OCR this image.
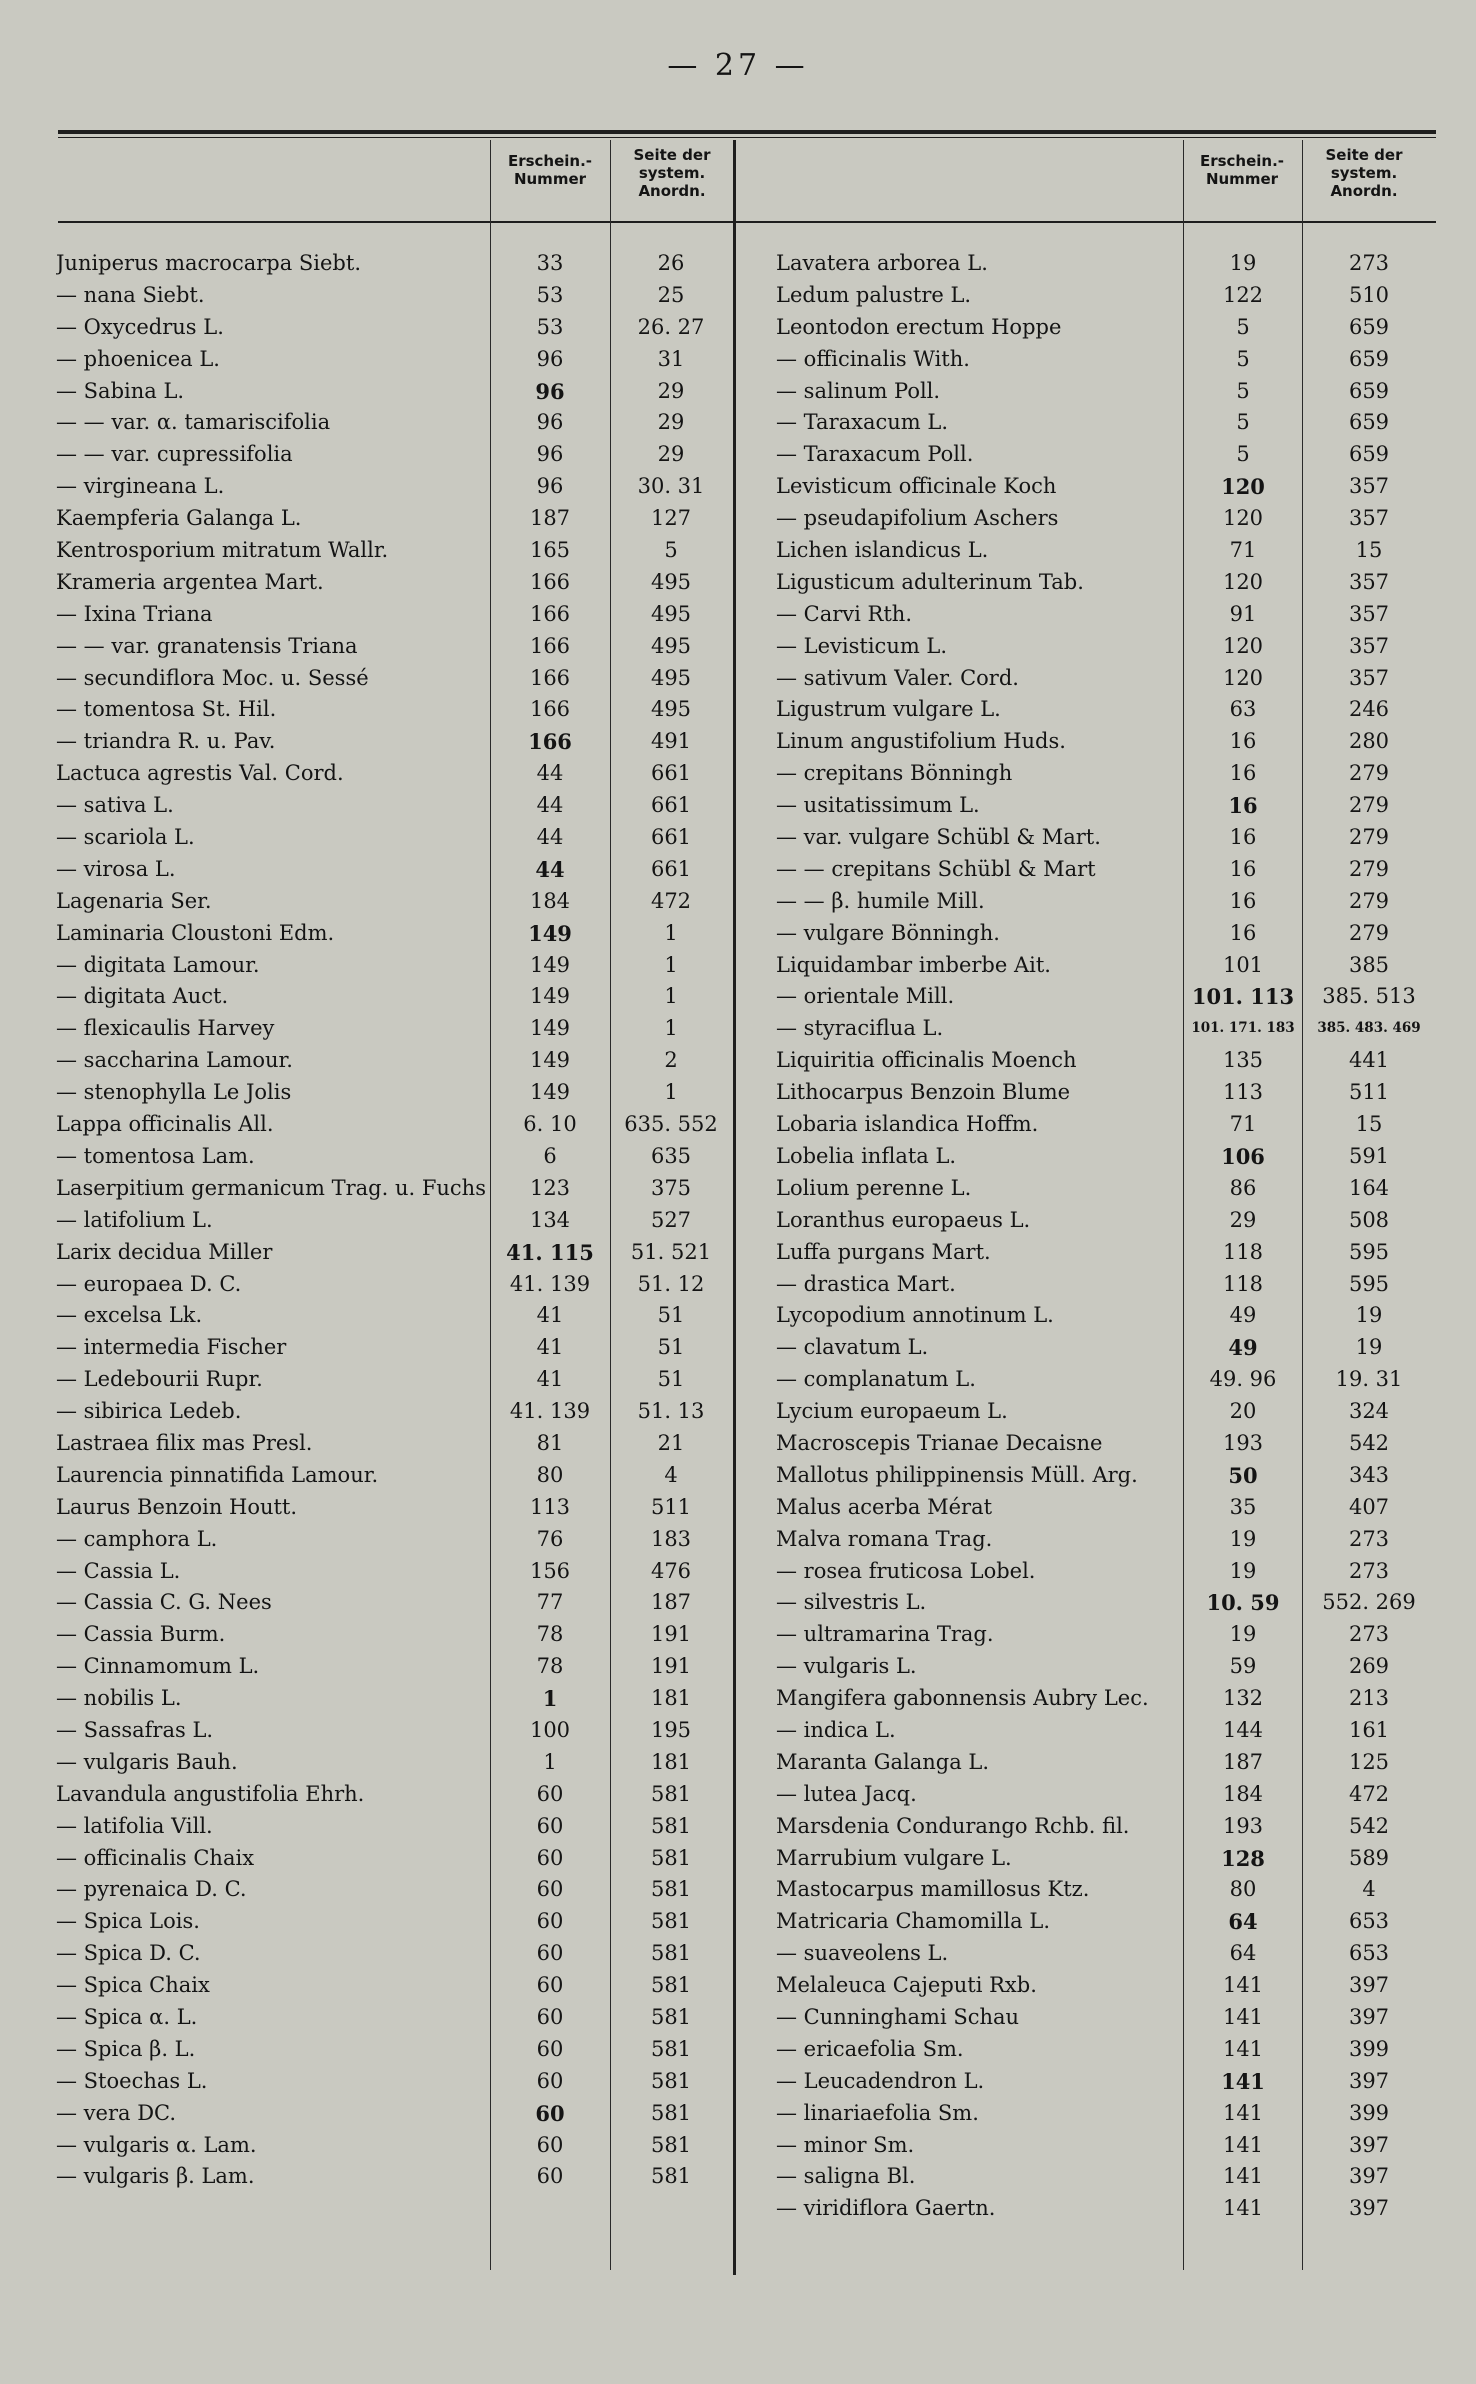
— 27 —
Erschein.-
Nummer
Seite der
system.
Anordn.
Erschein.-
Nummer
Seite der
system.
Anordn.
Juniperus macrocarpa Siebt.	33	26
— nana Siebt.	53	25
— Oxycedrus L.	53	26. 27
— phoenicea L.	96	31
— Sabina L.	96	29
— — var. α. tamariscifolia	96	29
— — var. cupressifolia	96	29
— virgineana L.	96	30. 31
Kaempferia Galanga L.	187	127
Kentrosporium mitratum Wallr.	165	5
Krameria argentea Mart.	166	495
— Ixina Triana	166	495
— — var. granatensis Triana	166	495
— secundiflora Moc. u. Sessé	166	495
— tomentosa St. Hil.	166	495
— triandra R. u. Pav.	166	491
Lactuca agrestis Val. Cord.	44	661
— sativa L.	44	661
— scariola L.	44	661
— virosa L.	44	661
Lagenaria Ser.	184	472
Laminaria Cloustoni Edm.	149	1
— digitata Lamour.	149	1
— digitata Auct.	149	1
— flexicaulis Harvey	149	1
— saccharina Lamour.	149	2
— stenophylla Le Jolis	149	1
Lappa officinalis All.	6. 10	635. 552
— tomentosa Lam.	6	635
Laserpitium germanicum Trag. u. Fuchs	123	375
— latifolium L.	134	527
Larix decidua Miller	41. 115	51. 521
— europaea D. C.	41. 139	51. 12
— excelsa Lk.	41	51
— intermedia Fischer	41	51
— Ledebourii Rupr.	41	51
— sibirica Ledeb.	41. 139	51. 13
Lastraea filix mas Presl.	81	21
Laurencia pinnatifida Lamour.	80	4
Laurus Benzoin Houtt.	113	511
— camphora L.	76	183
— Cassia L.	156	476
— Cassia C. G. Nees	77	187
— Cassia Burm.	78	191
— Cinnamomum L.	78	191
— nobilis L.	1	181
— Sassafras L.	100	195
— vulgaris Bauh.	1	181
Lavandula angustifolia Ehrh.	60	581
— latifolia Vill.	60	581
— officinalis Chaix	60	581
— pyrenaica D. C.	60	581
— Spica Lois.	60	581
— Spica D. C.	60	581
— Spica Chaix	60	581
— Spica α. L.	60	581
— Spica β. L.	60	581
— Stoechas L.	60	581
— vera DC.	60	581
— vulgaris α. Lam.	60	581
— vulgaris β. Lam.	60	581
Lavatera arborea L.	19	273
Ledum palustre L.	122	510
Leontodon erectum Hoppe	5	659
— officinalis With.	5	659
— salinum Poll.	5	659
— Taraxacum L.	5	659
— Taraxacum Poll.	5	659
Levisticum officinale Koch	120	357
— pseudapifolium Aschers	120	357
Lichen islandicus L.	71	15
Ligusticum adulterinum Tab.	120	357
— Carvi Rth.	91	357
— Levisticum L.	120	357
— sativum Valer. Cord.	120	357
Ligustrum vulgare L.	63	246
Linum angustifolium Huds.	16	280
— crepitans Bönningh	16	279
— usitatissimum L.	16	279
— var. vulgare Schübl & Mart.	16	279
— — crepitans Schübl & Mart	16	279
— — β. humile Mill.	16	279
— vulgare Bönningh.	16	279
Liquidambar imberbe Ait.	101	385
— orientale Mill.	101. 113	385. 513
— styraciflua L.	101. 171. 183	385. 483. 469
Liquiritia officinalis Moench	135	441
Lithocarpus Benzoin Blume	113	511
Lobaria islandica Hoffm.	71	15
Lobelia inflata L.	106	591
Lolium perenne L.	86	164
Loranthus europaeus L.	29	508
Luffa purgans Mart.	118	595
— drastica Mart.	118	595
Lycopodium annotinum L.	49	19
— clavatum L.	49	19
— complanatum L.	49. 96	19. 31
Lycium europaeum L.	20	324
Macroscepis Trianae Decaisne	193	542
Mallotus philippinensis Müll. Arg.	50	343
Malus acerba Mérat	35	407
Malva romana Trag.	19	273
— rosea fruticosa Lobel.	19	273
— silvestris L.	10. 59	552. 269
— ultramarina Trag.	19	273
— vulgaris L.	59	269
Mangifera gabonnensis Aubry Lec.	132	213
— indica L.	144	161
Maranta Galanga L.	187	125
— lutea Jacq.	184	472
Marsdenia Condurango Rchb. fil.	193	542
Marrubium vulgare L.	128	589
Mastocarpus mamillosus Ktz.	80	4
Matricaria Chamomilla L.	64	653
— suaveolens L.	64	653
Melaleuca Cajeputi Rxb.	141	397
— Cunninghami Schau	141	397
— ericaefolia Sm.	141	399
— Leucadendron L.	141	397
— linariaefolia Sm.	141	399
— minor Sm.	141	397
— saligna Bl.	141	397
— viridiflora Gaertn.	141	397
